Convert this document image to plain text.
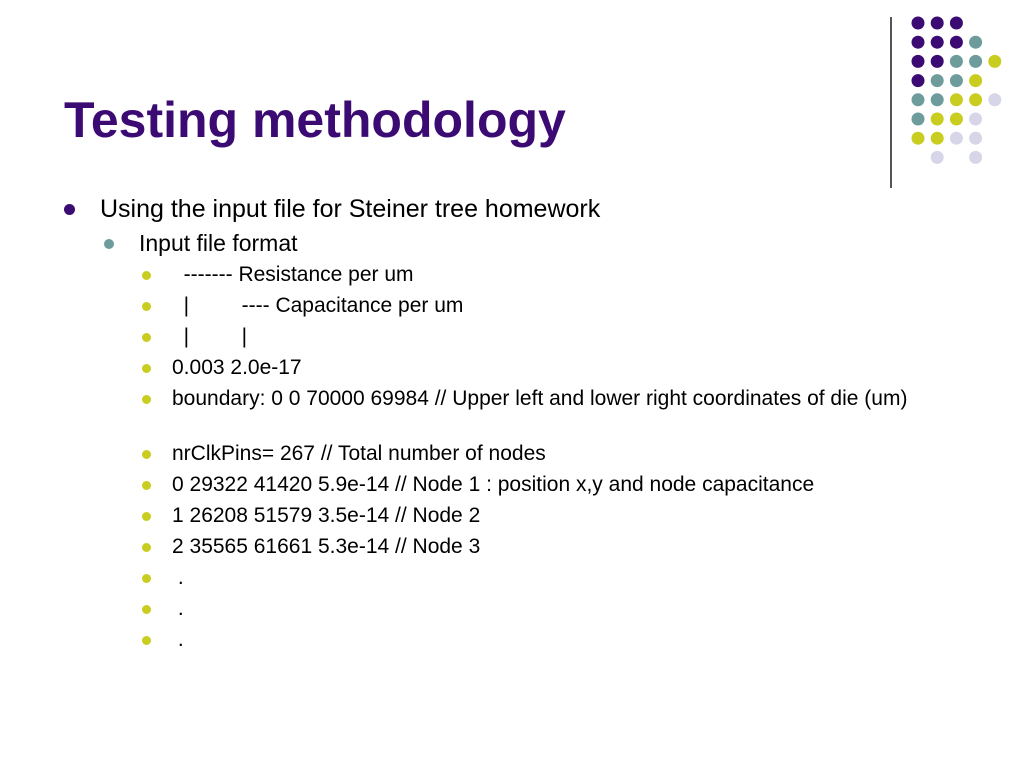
Testing methodology
Using the input file for Steiner tree homework
Input file format
------- Resistance per um
|         ---- Capacitance per um
|         |
0.003 2.0e-17
boundary: 0 0 70000 69984 // Upper left and lower right coordinates of die (um)
nrClkPins= 267 // Total number of nodes
0 29322 41420 5.9e-14 // Node 1 : position x,y and node capacitance
1 26208 51579 3.5e-14 // Node 2
2 35565 61661 5.3e-14 // Node 3
.
.
.
